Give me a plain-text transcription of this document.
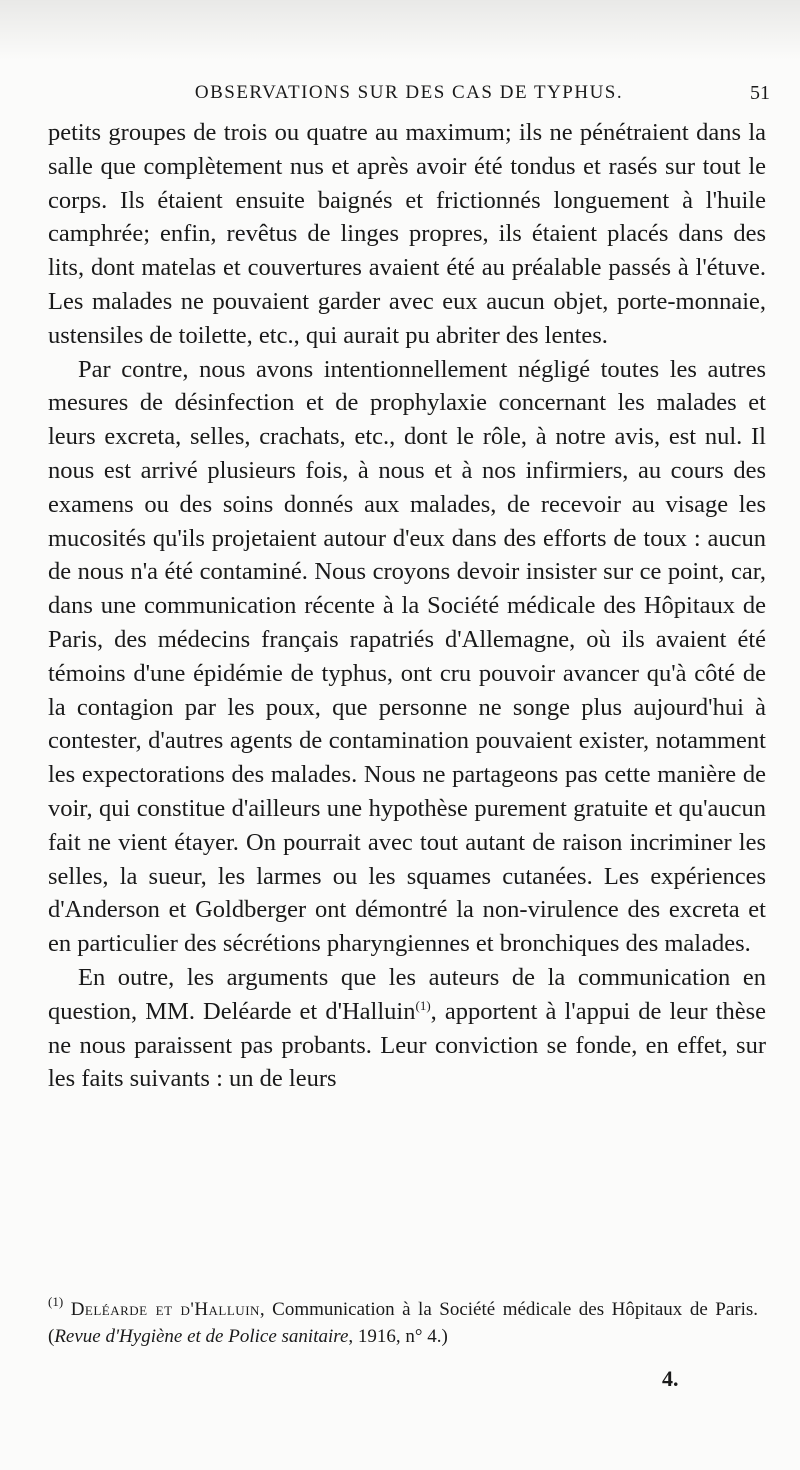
OBSERVATIONS SUR DES CAS DE TYPHUS.	51

petits groupes de trois ou quatre au maximum; ils ne pénétraient dans la salle que complètement nus et après avoir été tondus et rasés sur tout le corps. Ils étaient ensuite baignés et frictionnés longuement à l'huile camphrée; enfin, revêtus de linges propres, ils étaient placés dans des lits, dont matelas et couvertures avaient été au préalable passés à l'étuve. Les malades ne pouvaient garder avec eux aucun objet, porte-monnaie, ustensiles de toilette, etc., qui aurait pu abriter des lentes.

Par contre, nous avons intentionnellement négligé toutes les autres mesures de désinfection et de prophylaxie concernant les malades et leurs excreta, selles, crachats, etc., dont le rôle, à notre avis, est nul. Il nous est arrivé plusieurs fois, à nous et à nos infirmiers, au cours des examens ou des soins donnés aux malades, de recevoir au visage les mucosités qu'ils projetaient autour d'eux dans des efforts de toux : aucun de nous n'a été contaminé. Nous croyons devoir insister sur ce point, car, dans une communication récente à la Société médicale des Hôpitaux de Paris, des médecins français rapatriés d'Allemagne, où ils avaient été témoins d'une épidémie de typhus, ont cru pouvoir avancer qu'à côté de la contagion par les poux, que personne ne songe plus aujourd'hui à contester, d'autres agents de contamination pouvaient exister, notamment les expectorations des malades. Nous ne partageons pas cette manière de voir, qui constitue d'ailleurs une hypothèse purement gratuite et qu'aucun fait ne vient étayer. On pourrait avec tout autant de raison incriminer les selles, la sueur, les larmes ou les squames cutanées. Les expériences d'Anderson et Goldberger ont démontré la non-virulence des excreta et en particulier des sécrétions pharyngiennes et bronchiques des malades.

En outre, les arguments que les auteurs de la communication en question, MM. Deléarde et d'Halluin$^{(1)}$, apportent à l'appui de leur thèse ne nous paraissent pas probants. Leur conviction se fonde, en effet, sur les faits suivants : un de leurs

$^{(1)}$ Deléarde et d'Halluin, Communication à la Société médicale des Hôpitaux de Paris. (Revue d'Hygiène et de Police sanitaire, 1916, n° 4.)
4.
